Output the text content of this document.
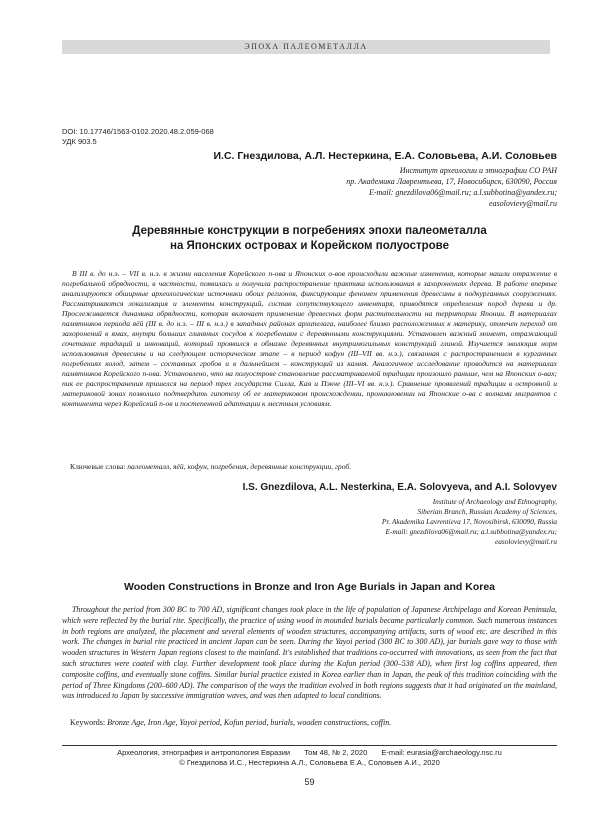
ЭПОХА ПАЛЕОМЕТАЛЛА
DOI: 10.17746/1563-0102.2020.48.2.059-068
УДК 903.5
И.С. Гнездилова, А.Л. Нестеркина, Е.А. Соловьева, А.И. Соловьев
Институт археологии и этнографии СО РАН
пр. Академика Лаврентьева, 17, Новосибирск, 630090, Россия
E-mail: gnezdilova06@mail.ru; a.l.subbotina@yandex.ru;
easolovievy@mail.ru
Деревянные конструкции в погребениях эпохи палеометалла
на Японских островах и Корейском полуострове

В III в. до н.э. – VII в. н.э. в жизни населения Корейского п-ова и Японских о-вов происходили важные изменения, которые нашли отражение в погребальной обрядности, в частности, появилась и получила распространение практика использования в захоронениях дерева. В работе впервые анализируются обширные археологические источники обоих регионов, фиксирующие феномен применения древесины в подкурганных сооружениях. Рассматриваются локализация и элементы конструкций, состав сопутствующего инвентаря, приводятся определения пород дерева и др. Прослеживается динамика обрядности, которая включает применение древесных форм растительности на территории Японии. В материалах памятников периода яёй (III в. до н.э. – III в. н.э.) в западных районах архипелага, наиболее близко расположенных к материку, отмечен переход от захоронений в ямах, внутри больших глиняных сосудов к погребениям с деревянными конструкциями. Установлен важный момент, отражающий сочетание традиций и инноваций, который проявился в обмазке деревянных внутримогильных конструкций глиной. Изучается эволюция норм использования древесины и на следующем историческом этапе – в период кофун (III–VII вв. н.э.), связанная с распространением в курганных погребениях колод, затем – составных гробов и в дальнейшем – конструкций из камня. Аналогичное исследование проводится на материалах памятников Корейского п-ова. Установлено, что на полуострове становление рассматриваемой традиции произошло раньше, чем на Японских о-вах; пик ее распространения пришелся на период трех государств Силла, Кая и Пэкче (III–VI вв. н.э.). Сравнение проявлений традиции в островной и материковой зонах позволило подтвердить гипотезу об ее материковом происхождении, проникновении на Японские о-ва с волнами мигрантов с континента через Корейский п-ов и постепенной адаптации к местным условиям.

Ключевые слова: палеометалл, яёй, кофун, погребения, деревянные конструкции, гроб.
I.S. Gnezdilova, A.L. Nesterkina, E.A. Solovyeva, and A.I. Solovyev
Institute of Archaeology and Ethnography,
Siberian Branch, Russian Academy of Sciences,
Pr. Akademika Lavrentieva 17, Novosibirsk, 630090, Russia
E-mail: gnezdilova06@mail.ru; a.l.subbotina@yandex.ru;
easolovievy@mail.ru
Wooden Constructions in Bronze and Iron Age Burials in Japan and Korea

Throughout the period from 300 BC to 700 AD, significant changes took place in the life of population of Japanese Archipelago and Korean Peninsula, which were reflected by the burial rite. Specifically, the practice of using wood in mounded burials became particularly common. Such numerous instances in both regions are analyzed, the placement and several elements of wooden structures, accompanying artifacts, sorts of wood etc. are described in this work. The changes in burial rite practiced in ancient Japan can be seen. During the Yayoi period (300 BC to 300 AD), jar burials gave way to those with wooden structures in Western Japan regions closest to the mainland. It's established that traditions co-occurred with innovations, as seen from the fact that such structures were coated with clay. Further development took place during the Kofun period (300–538 AD), when first log coffins appeared, then composite coffins, and eventually stone coffins. Similar burial practice existed in Korea earlier than in Japan, the peak of this tradition coinciding with the period of Three Kingdoms (200–600 AD). The comparison of the ways the tradition evolved in both regions suggests that it had originated on the mainland, was introduced to Japan by successive immigration waves, and was then adapted to local conditions.

Keywords: Bronze Age, Iron Age, Yayoi period, Kofun period, burials, wooden constructions, coffin.
Археология, этнография и антропология Евразии Том 48, № 2, 2020 E-mail: eurasia@archaeology.nsc.ru
© Гнездилова И.С., Нестеркина А.Л., Соловьева Е.А., Соловьев А.И., 2020
59
